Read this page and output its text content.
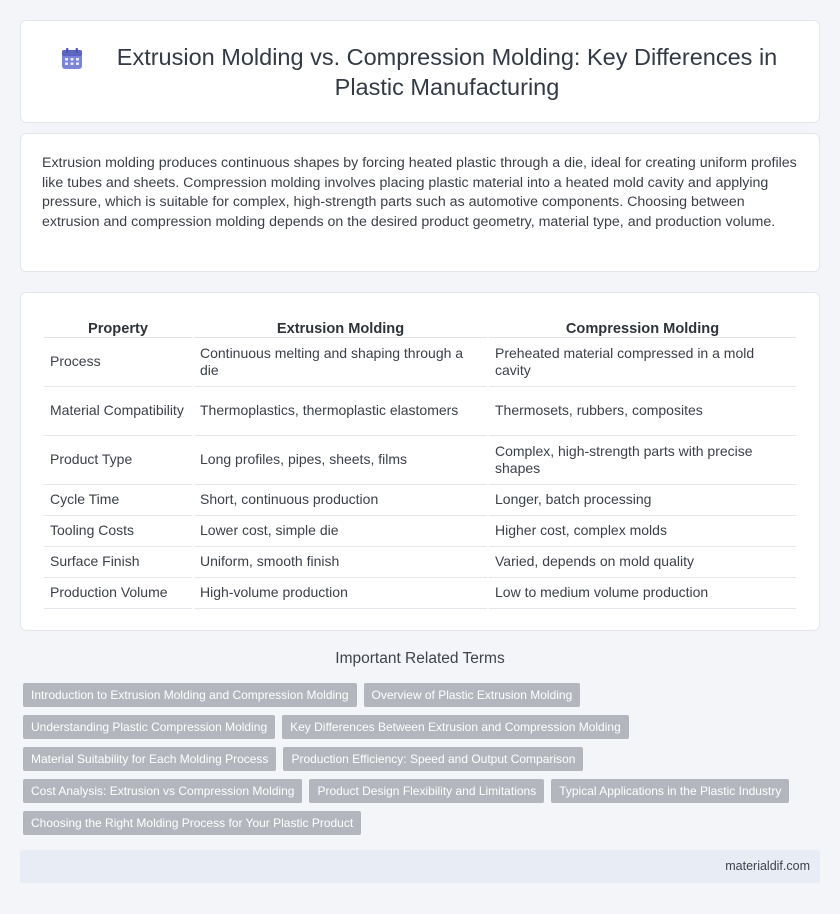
Extrusion Molding vs. Compression Molding: Key Differences in Plastic Manufacturing

Extrusion molding produces continuous shapes by forcing heated plastic through a die, ideal for creating uniform profiles like tubes and sheets. Compression molding involves placing plastic material into a heated mold cavity and applying pressure, which is suitable for complex, high-strength parts such as automotive components. Choosing between extrusion and compression molding depends on the desired product geometry, material type, and production volume.

Property	Extrusion Molding	Compression Molding
Process	Continuous melting and shaping through a die	Preheated material compressed in a mold cavity
Material Compatibility	Thermoplastics, thermoplastic elastomers	Thermosets, rubbers, composites
Product Type	Long profiles, pipes, sheets, films	Complex, high-strength parts with precise shapes
Cycle Time	Short, continuous production	Longer, batch processing
Tooling Costs	Lower cost, simple die	Higher cost, complex molds
Surface Finish	Uniform, smooth finish	Varied, depends on mold quality
Production Volume	High-volume production	Low to medium volume production
Important Related Terms
Introduction to Extrusion Molding and Compression Molding	Overview of Plastic Extrusion Molding
Understanding Plastic Compression Molding	Key Differences Between Extrusion and Compression Molding
Material Suitability for Each Molding Process	Production Efficiency: Speed and Output Comparison
Cost Analysis: Extrusion vs Compression Molding	Product Design Flexibility and Limitations	Typical Applications in the Plastic Industry
Choosing the Right Molding Process for Your Plastic Product
materialdif.com
